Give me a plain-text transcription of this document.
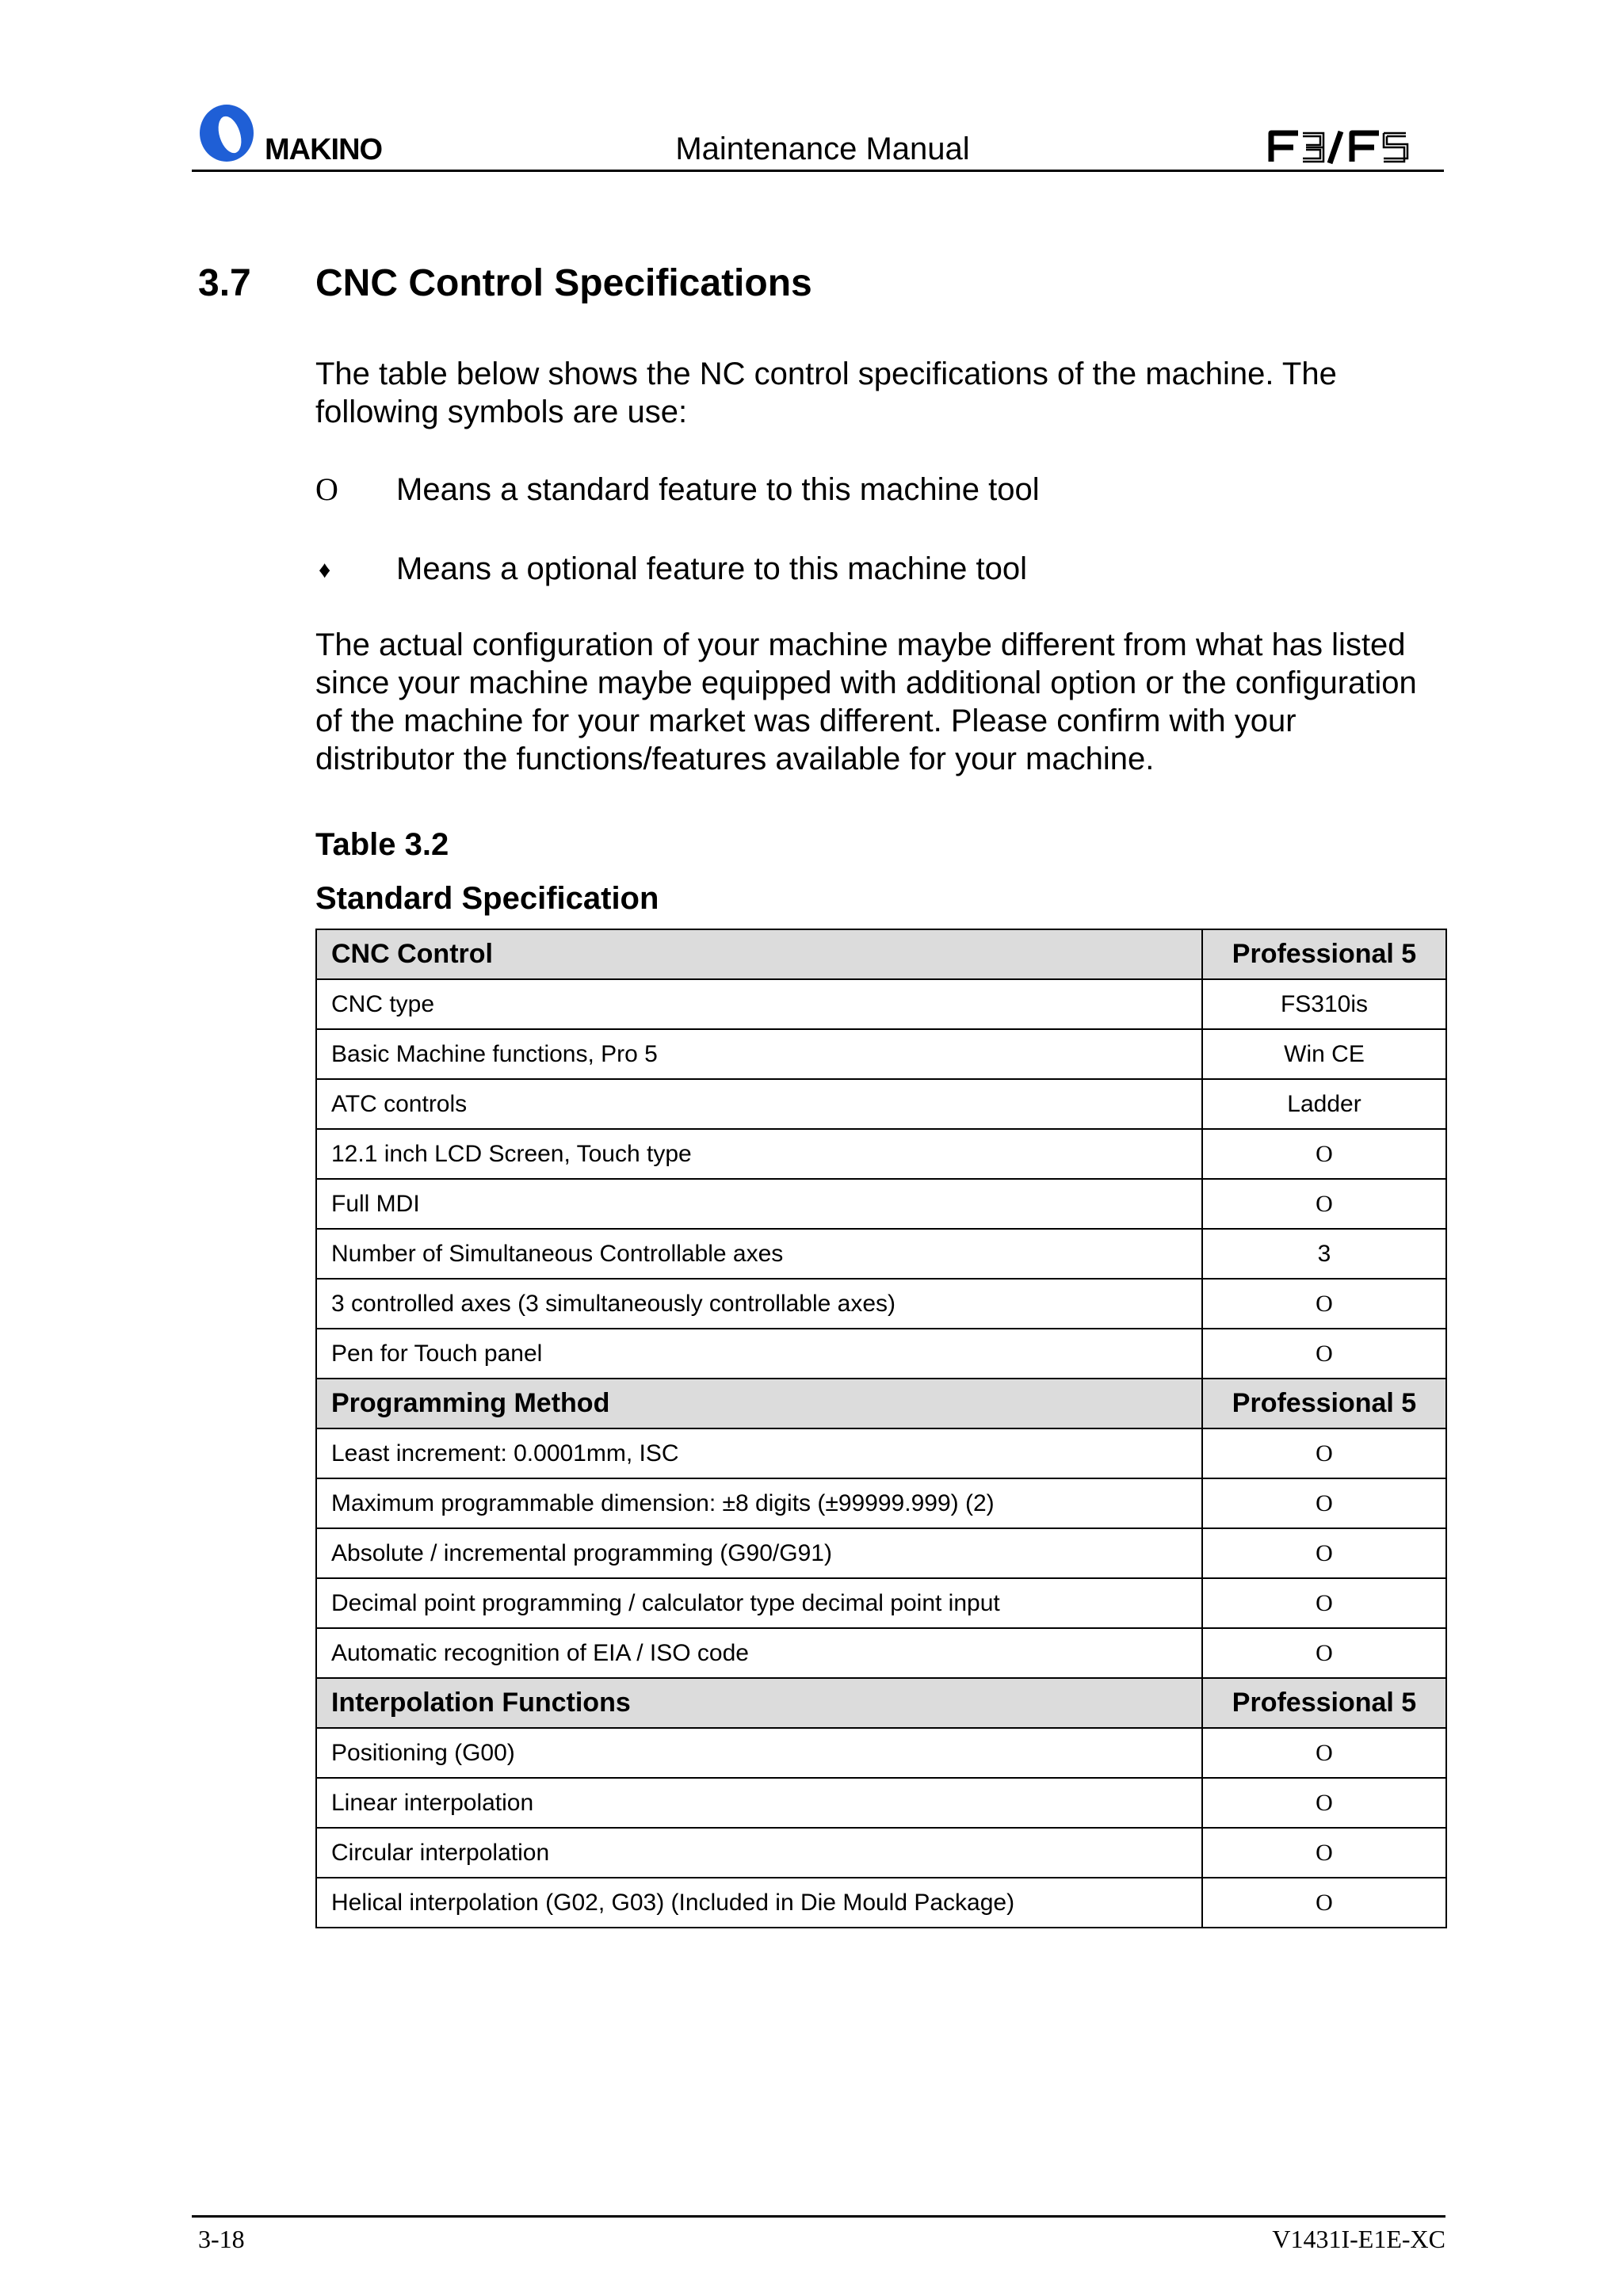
MAKINO	Maintenance Manual
3.7 CNC Control Specifications

The table below shows the NC control specifications of the machine. The following symbols are use:

O Means a standard feature to this machine tool
♦	Means a optional feature to this machine tool

The actual configuration of your machine maybe different from what has listed since your machine maybe equipped with additional option or the configuration of the machine for your market was different. Please confirm with your distributor the functions/features available for your machine.

Table 3.2
Standard Specification
CNC Control	Professional 5
CNC type	FS310is
Basic Machine functions, Pro 5	Win CE
ATC controls	Ladder
12.1 inch LCD Screen, Touch type	O
Full MDI	O
Number of Simultaneous Controllable axes	3
3 controlled axes (3 simultaneously controllable axes)	O
Pen for Touch panel	O
Programming Method	Professional 5
Least increment: 0.0001mm, ISC	O
Maximum programmable dimension: ±8 digits (±99999.999) (2)	O
Absolute / incremental programming (G90/G91)	O
Decimal point programming / calculator type decimal point input	O
Automatic recognition of EIA / ISO code	O
Interpolation Functions	Professional 5
Positioning (G00)	O
Linear interpolation	O
Circular interpolation	O
Helical interpolation (G02, G03) (Included in Die Mould Package)	O
3-18	V1431I-E1E-XC
